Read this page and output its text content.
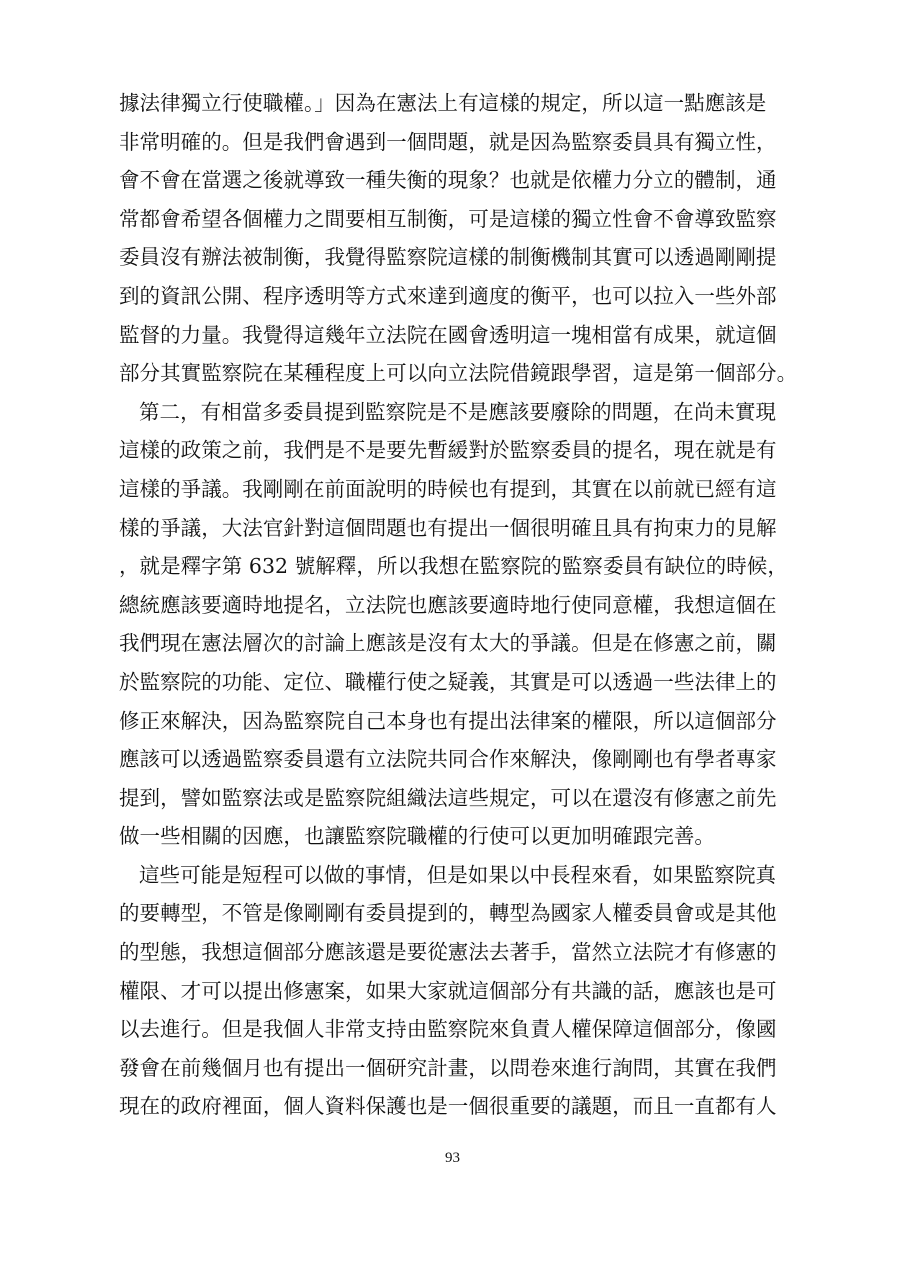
據法律獨立行使職權。」因為在憲法上有這樣的規定，所以這一點應該是
非常明確的。但是我們會遇到一個問題，就是因為監察委員具有獨立性，
會不會在當選之後就導致一種失衡的現象？也就是依權力分立的體制，通
常都會希望各個權力之間要相互制衡，可是這樣的獨立性會不會導致監察
委員沒有辦法被制衡，我覺得監察院這樣的制衡機制其實可以透過剛剛提
到的資訊公開、程序透明等方式來達到適度的衡平，也可以拉入一些外部
監督的力量。我覺得這幾年立法院在國會透明這一塊相當有成果，就這個
部分其實監察院在某種程度上可以向立法院借鏡跟學習，這是第一個部分。
第二，有相當多委員提到監察院是不是應該要廢除的問題，在尚未實現
這樣的政策之前，我們是不是要先暫緩對於監察委員的提名，現在就是有
這樣的爭議。我剛剛在前面說明的時候也有提到，其實在以前就已經有這
樣的爭議，大法官針對這個問題也有提出一個很明確且具有拘束力的見解
，就是釋字第 632 號解釋，所以我想在監察院的監察委員有缺位的時候，
總統應該要適時地提名，立法院也應該要適時地行使同意權，我想這個在
我們現在憲法層次的討論上應該是沒有太大的爭議。但是在修憲之前，關
於監察院的功能、定位、職權行使之疑義，其實是可以透過一些法律上的
修正來解決，因為監察院自己本身也有提出法律案的權限，所以這個部分
應該可以透過監察委員還有立法院共同合作來解決，像剛剛也有學者專家
提到，譬如監察法或是監察院組織法這些規定，可以在還沒有修憲之前先
做一些相關的因應，也讓監察院職權的行使可以更加明確跟完善。
這些可能是短程可以做的事情，但是如果以中長程來看，如果監察院真
的要轉型，不管是像剛剛有委員提到的，轉型為國家人權委員會或是其他
的型態，我想這個部分應該還是要從憲法去著手，當然立法院才有修憲的
權限、才可以提出修憲案，如果大家就這個部分有共識的話，應該也是可
以去進行。但是我個人非常支持由監察院來負責人權保障這個部分，像國
發會在前幾個月也有提出一個研究計畫，以問卷來進行詢問，其實在我們
現在的政府裡面，個人資料保護也是一個很重要的議題，而且一直都有人
93
